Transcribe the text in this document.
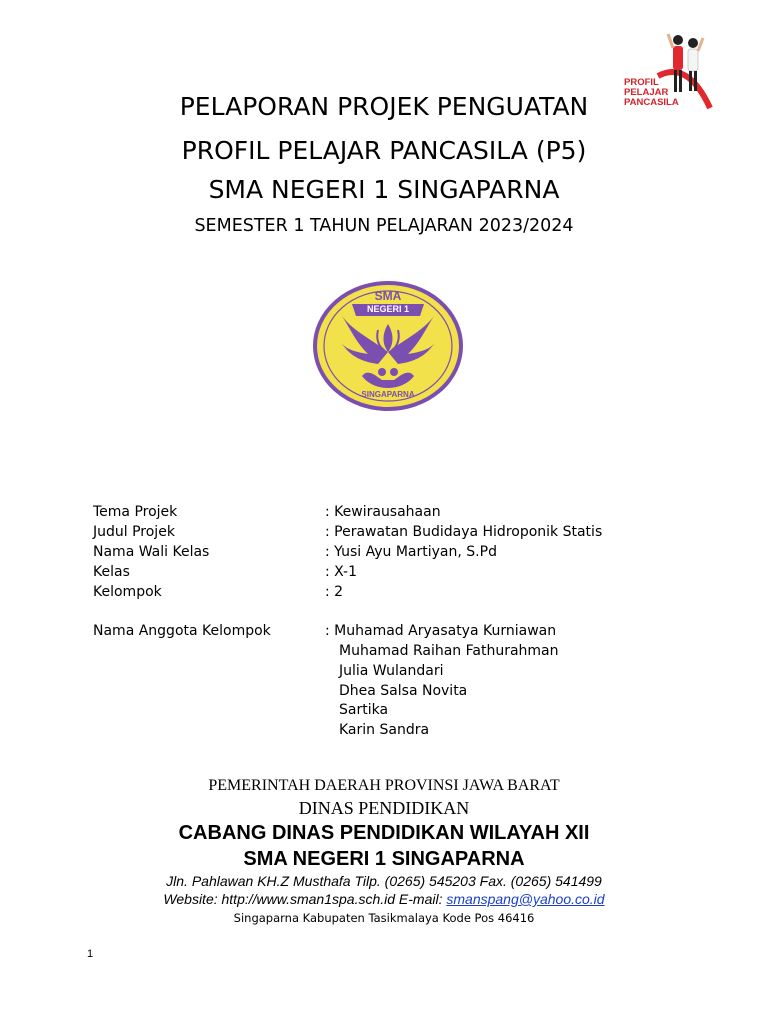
PROFIL
PELAJAR
PANCASILA
PELAPORAN PROJEK PENGUATAN
PROFIL PELAJAR PANCASILA (P5)
SMA NEGERI 1 SINGAPARNA
SEMESTER 1 TAHUN PELAJARAN 2023/2024
SMA
NEGERI 1
SINGAPARNA
Tema Projek	: Kewirausahaan
Judul Projek	: Perawatan Budidaya Hidroponik Statis
Nama Wali Kelas	: Yusi Ayu Martiyan, S.Pd
Kelas	: X-1
Kelompok	: 2
Nama Anggota Kelompok	: Muhamad Aryasatya Kurniawan
Muhamad Raihan Fathurahman
Julia Wulandari
Dhea Salsa Novita
Sartika
Karin Sandra
PEMERINTAH DAERAH PROVINSI JAWA BARAT
DINAS PENDIDIKAN
CABANG DINAS PENDIDIKAN WILAYAH XII
SMA NEGERI 1 SINGAPARNA
Jln. Pahlawan KH.Z Musthafa Tilp. (0265) 545203 Fax. (0265) 541499
Website: http://www.sman1spa.sch.id E-mail: smanspang@yahoo.co.id
Singaparna Kabupaten Tasikmalaya Kode Pos 46416
1
